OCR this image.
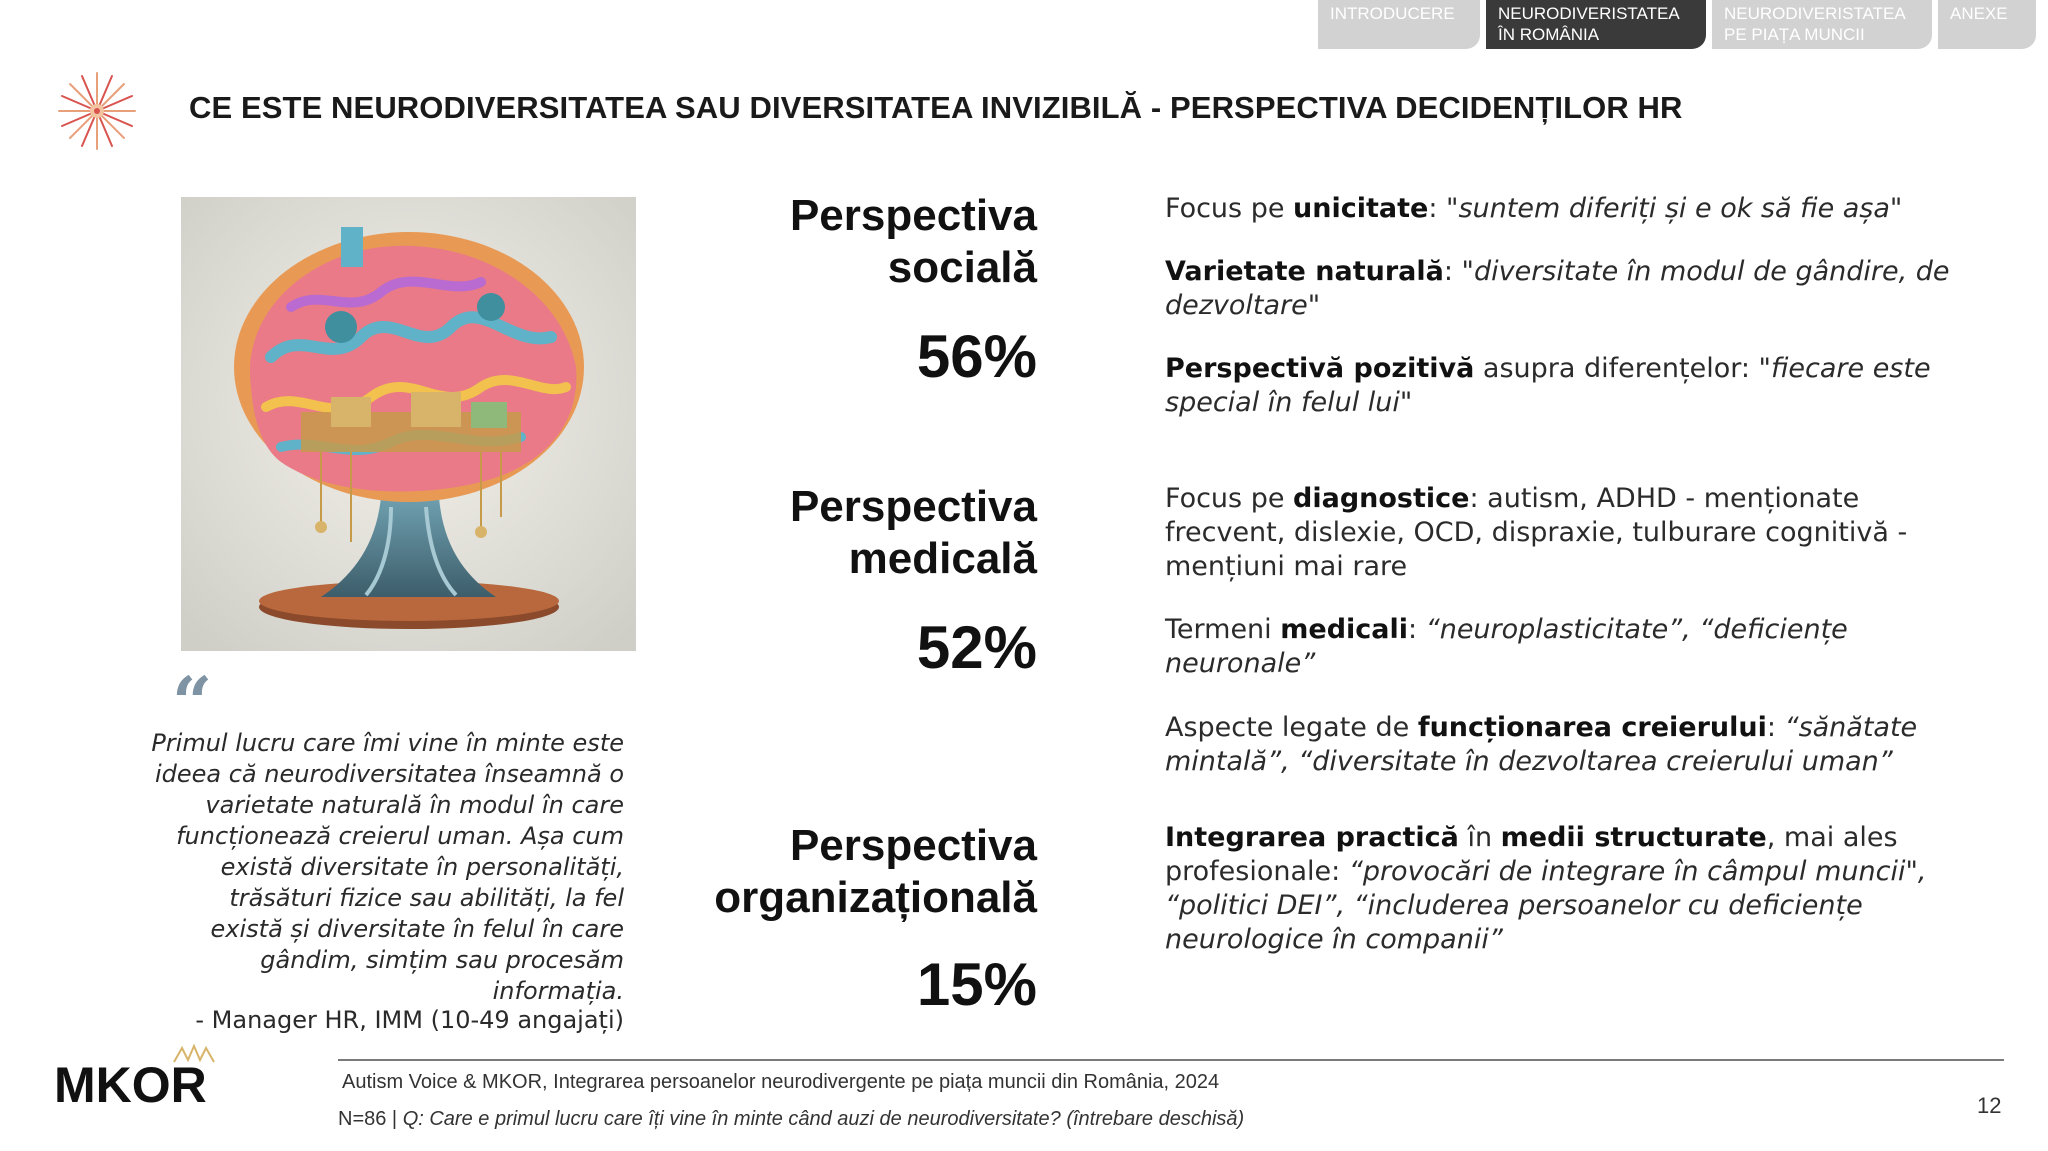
INTRODUCERE	NEURODIVERISTATEA
ÎN ROMÂNIA
NEURODIVERISTATEA
PE PIAȚA MUNCII
ANEXE
CE ESTE NEURODIVERSITATEA SAU DIVERSITATEA INVIZIBILĂ - PERSPECTIVA DECIDENȚILOR HR
“
Primul lucru care îmi vine în minte este ideea că neurodiversitatea înseamnă o varietate naturală în modul în care funcționează creierul uman. Așa cum există diversitate în personalități, trăsături fizice sau abilități, la fel există și diversitate în felul în care gândim, simțim sau procesăm informația.
- Manager HR, IMM (10-49 angajați)
Perspectiva
socială
56%
Perspectiva
medicală
52%
Perspectiva
organizațională
15%
Focus pe unicitate: "suntem diferiți și e ok să fie așa"
Varietate naturală: "diversitate în modul de gândire, de dezvoltare"
Perspectivă pozitivă asupra diferențelor: "fiecare este special în felul lui"
Focus pe diagnostice: autism, ADHD - menționate frecvent, dislexie, OCD, dispraxie, tulburare cognitivă - mențiuni mai rare
Termeni medicali: “neuroplasticitate”, “deficiențe neuronale”
Aspecte legate de funcționarea creierului: “sănătate mintală”, “diversitate în dezvoltarea creierului uman”
Integrarea practică în medii structurate, mai ales profesionale: “provocări de integrare în câmpul muncii", “politici DEI”, “includerea persoanelor cu deficiențe neurologice în companii”
MKOR	Autism Voice & MKOR, Integrarea persoanelor neurodivergente pe piața muncii din România, 2024
N=86 | Q: Care e primul lucru care îți vine în minte când auzi de neurodiversitate? (întrebare deschisă)
12
